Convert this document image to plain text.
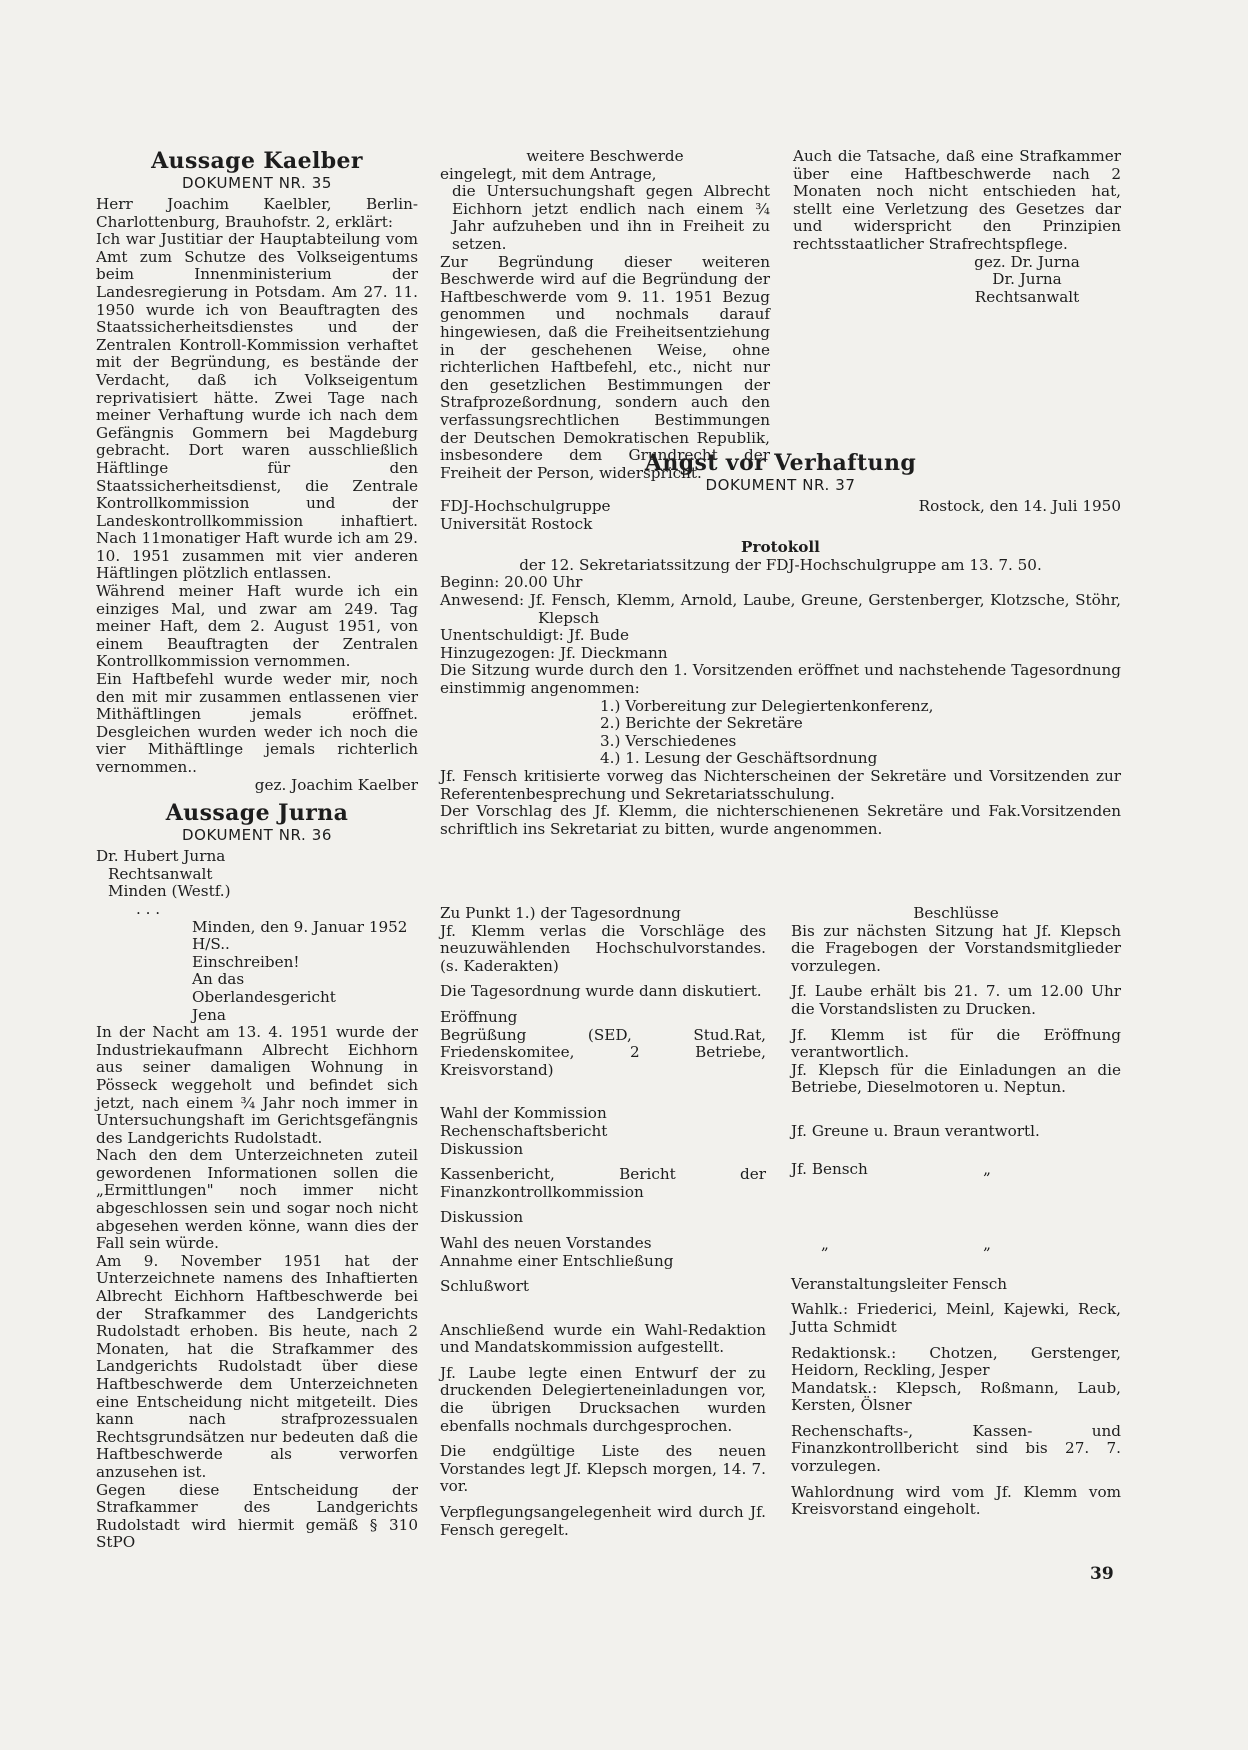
Aussage Kaelber
DOKUMENT NR. 35

Herr Joachim Kaelbler, Berlin-Charlottenburg, Brauhofstr. 2, erklärt:

Ich war Justitiar der Hauptabteilung vom Amt zum Schutze des Volkseigentums beim Innenministerium der Landesregierung in Potsdam. Am 27. 11. 1950 wurde ich von Beauftragten des Staatssicherheitsdienstes und der Zentralen Kontroll-Kommission verhaftet mit der Begründung, es bestände der Verdacht, daß ich Volkseigentum reprivatisiert hätte. Zwei Tage nach meiner Verhaftung wurde ich nach dem Gefängnis Gommern bei Magdeburg gebracht. Dort waren ausschließlich Häftlinge für den Staatssicherheitsdienst, die Zentrale Kontrollkommission und der Landeskontrollkommission inhaftiert. Nach 11monatiger Haft wurde ich am 29. 10. 1951 zusammen mit vier anderen Häftlingen plötzlich entlassen.

Während meiner Haft wurde ich ein einziges Mal, und zwar am 249. Tag meiner Haft, dem 2. August 1951, von einem Beauftragten der Zentralen Kontrollkommission vernommen.

Ein Haftbefehl wurde weder mir, noch den mit mir zusammen entlassenen vier Mithäftlingen jemals eröffnet. Desgleichen wurden weder ich noch die vier Mithäftlinge jemals richterlich vernommen..

gez. Joachim Kaelber

Aussage Jurna
DOKUMENT NR. 36

Dr. Hubert Jurna

Rechtsanwalt

Minden (Westf.)

. . .

Minden, den 9. Januar 1952

H/S..

Einschreiben!

An das

Oberlandesgericht

Jena

In der Nacht am 13. 4. 1951 wurde der Industriekaufmann Albrecht Eichhorn aus seiner damaligen Wohnung in Pösseck weggeholt und befindet sich jetzt, nach einem ¾ Jahr noch immer in Untersuchungshaft im Gerichtsgefängnis des Landgerichts Rudolstadt.

Nach den dem Unterzeichneten zuteil gewordenen Informationen sollen die „Ermittlungen" noch immer nicht abgeschlossen sein und sogar noch nicht abgesehen werden könne, wann dies der Fall sein würde.

Am 9. November 1951 hat der Unterzeichnete namens des Inhaftierten Albrecht Eichhorn Haftbeschwerde bei der Strafkammer des Landgerichts Rudolstadt erhoben. Bis heute, nach 2 Monaten, hat die Strafkammer des Landgerichts Rudolstadt über diese Haftbeschwerde dem Unterzeichneten eine Entscheidung nicht mitgeteilt. Dies kann nach strafprozessualen Rechtsgrundsätzen nur bedeuten daß die Haftbeschwerde als verworfen anzusehen ist.

Gegen diese Entscheidung der Strafkammer des Landgerichts Rudolstadt wird hiermit gemäß § 310 StPO

weitere Beschwerde

eingelegt, mit dem Antrage,

die Untersuchungshaft gegen Albrecht Eichhorn jetzt endlich nach einem ¾ Jahr aufzuheben und ihn in Freiheit zu setzen.

Zur Begründung dieser weiteren Beschwerde wird auf die Begründung der Haftbeschwerde vom 9. 11. 1951 Bezug genommen und nochmals darauf hingewiesen, daß die Freiheitsentziehung in der geschehenen Weise, ohne richterlichen Haftbefehl, etc., nicht nur den gesetzlichen Bestimmungen der Strafprozeßordnung, sondern auch den verfassungsrechtlichen Bestimmungen der Deutschen Demokratischen Republik, insbesondere dem Grundrecht der Freiheit der Person, widerspricht.

Auch die Tatsache, daß eine Strafkammer über eine Haftbeschwerde nach 2 Monaten noch nicht entschieden hat, stellt eine Verletzung des Gesetzes dar und widerspricht den Prinzipien rechtsstaatlicher Strafrechtspflege.

gez. Dr. Jurna

Dr. Jurna

Rechtsanwalt

Angst vor Verhaftung
DOKUMENT NR. 37
FDJ-Hochschulgruppe
Universität Rostock
Rostock, den 14. Juli 1950
Protokoll
der 12. Sekretariatssitzung der FDJ-Hochschulgruppe am 13. 7. 50.
Beginn: 20.00 Uhr
Anwesend: Jf. Fensch, Klemm, Arnold, Laube, Greune, Gerstenberger, Klotzsche, Stöhr, Klepsch
Unentschuldigt: Jf. Bude
Hinzugezogen: Jf. Dieckmann

Die Sitzung wurde durch den 1. Vorsitzenden eröffnet und nachstehende Tagesordnung einstimmig angenommen:

1.) Vorbereitung zur Delegiertenkonferenz,
2.) Berichte der Sekretäre
3.) Verschiedenes
4.) 1. Lesung der Geschäftsordnung

Jf. Fensch kritisierte vorweg das Nichterscheinen der Sekretäre und Vorsitzenden zur Referentenbesprechung und Sekretariatsschulung.

Der Vorschlag des Jf. Klemm, die nichterschienenen Sekretäre und Fak.Vorsitzenden schriftlich ins Sekretariat zu bitten, wurde angenommen.

Zu Punkt 1.) der Tagesordnung

Jf. Klemm verlas die Vorschläge des neuzuwählenden Hochschulvorstandes. (s. Kaderakten)

Die Tagesordnung wurde dann diskutiert.

Eröffnung

Begrüßung (SED, Stud.Rat, Friedenskomitee, 2 Betriebe, Kreisvorstand)

Wahl der Kommission

Rechenschaftsbericht

Diskussion

Kassenbericht, Bericht der Finanzkontrollkommission

Diskussion

Wahl des neuen Vorstandes

Annahme einer Entschließung

Schlußwort

Anschließend wurde ein Wahl-Redaktion und Mandatskommission aufgestellt.

Jf. Laube legte einen Entwurf der zu druckenden Delegierteneinladungen vor, die übrigen Drucksachen wurden ebenfalls nochmals durchgesprochen.

Die endgültige Liste des neuen Vorstandes legt Jf. Klepsch morgen, 14. 7. vor.

Verpflegungsangelegenheit wird durch Jf. Fensch geregelt.

Beschlüsse

Bis zur nächsten Sitzung hat Jf. Klepsch die Fragebogen der Vorstandsmitglieder vorzulegen.

Jf. Laube erhält bis 21. 7. um 12.00 Uhr die Vorstandslisten zu Drucken.

Jf. Klemm ist für die Eröffnung verantwortlich.

Jf. Klepsch für die Einladungen an die Betriebe, Dieselmotoren u. Neptun.

Jf. Greune u. Braun verantwortl.

Jf. Bensch	„
„	„

Veranstaltungsleiter Fensch

Wahlk.: Friederici, Meinl, Kajewki, Reck, Jutta Schmidt

Redaktionsk.: Chotzen, Gerstenger, Heidorn, Reckling, Jesper

Mandatsk.: Klepsch, Roßmann, Laub, Kersten, Ölsner

Rechenschafts-, Kassen- und Finanzkontrollbericht sind bis 27. 7. vorzulegen.

Wahlordnung wird vom Jf. Klemm vom Kreisvorstand eingeholt.

39
